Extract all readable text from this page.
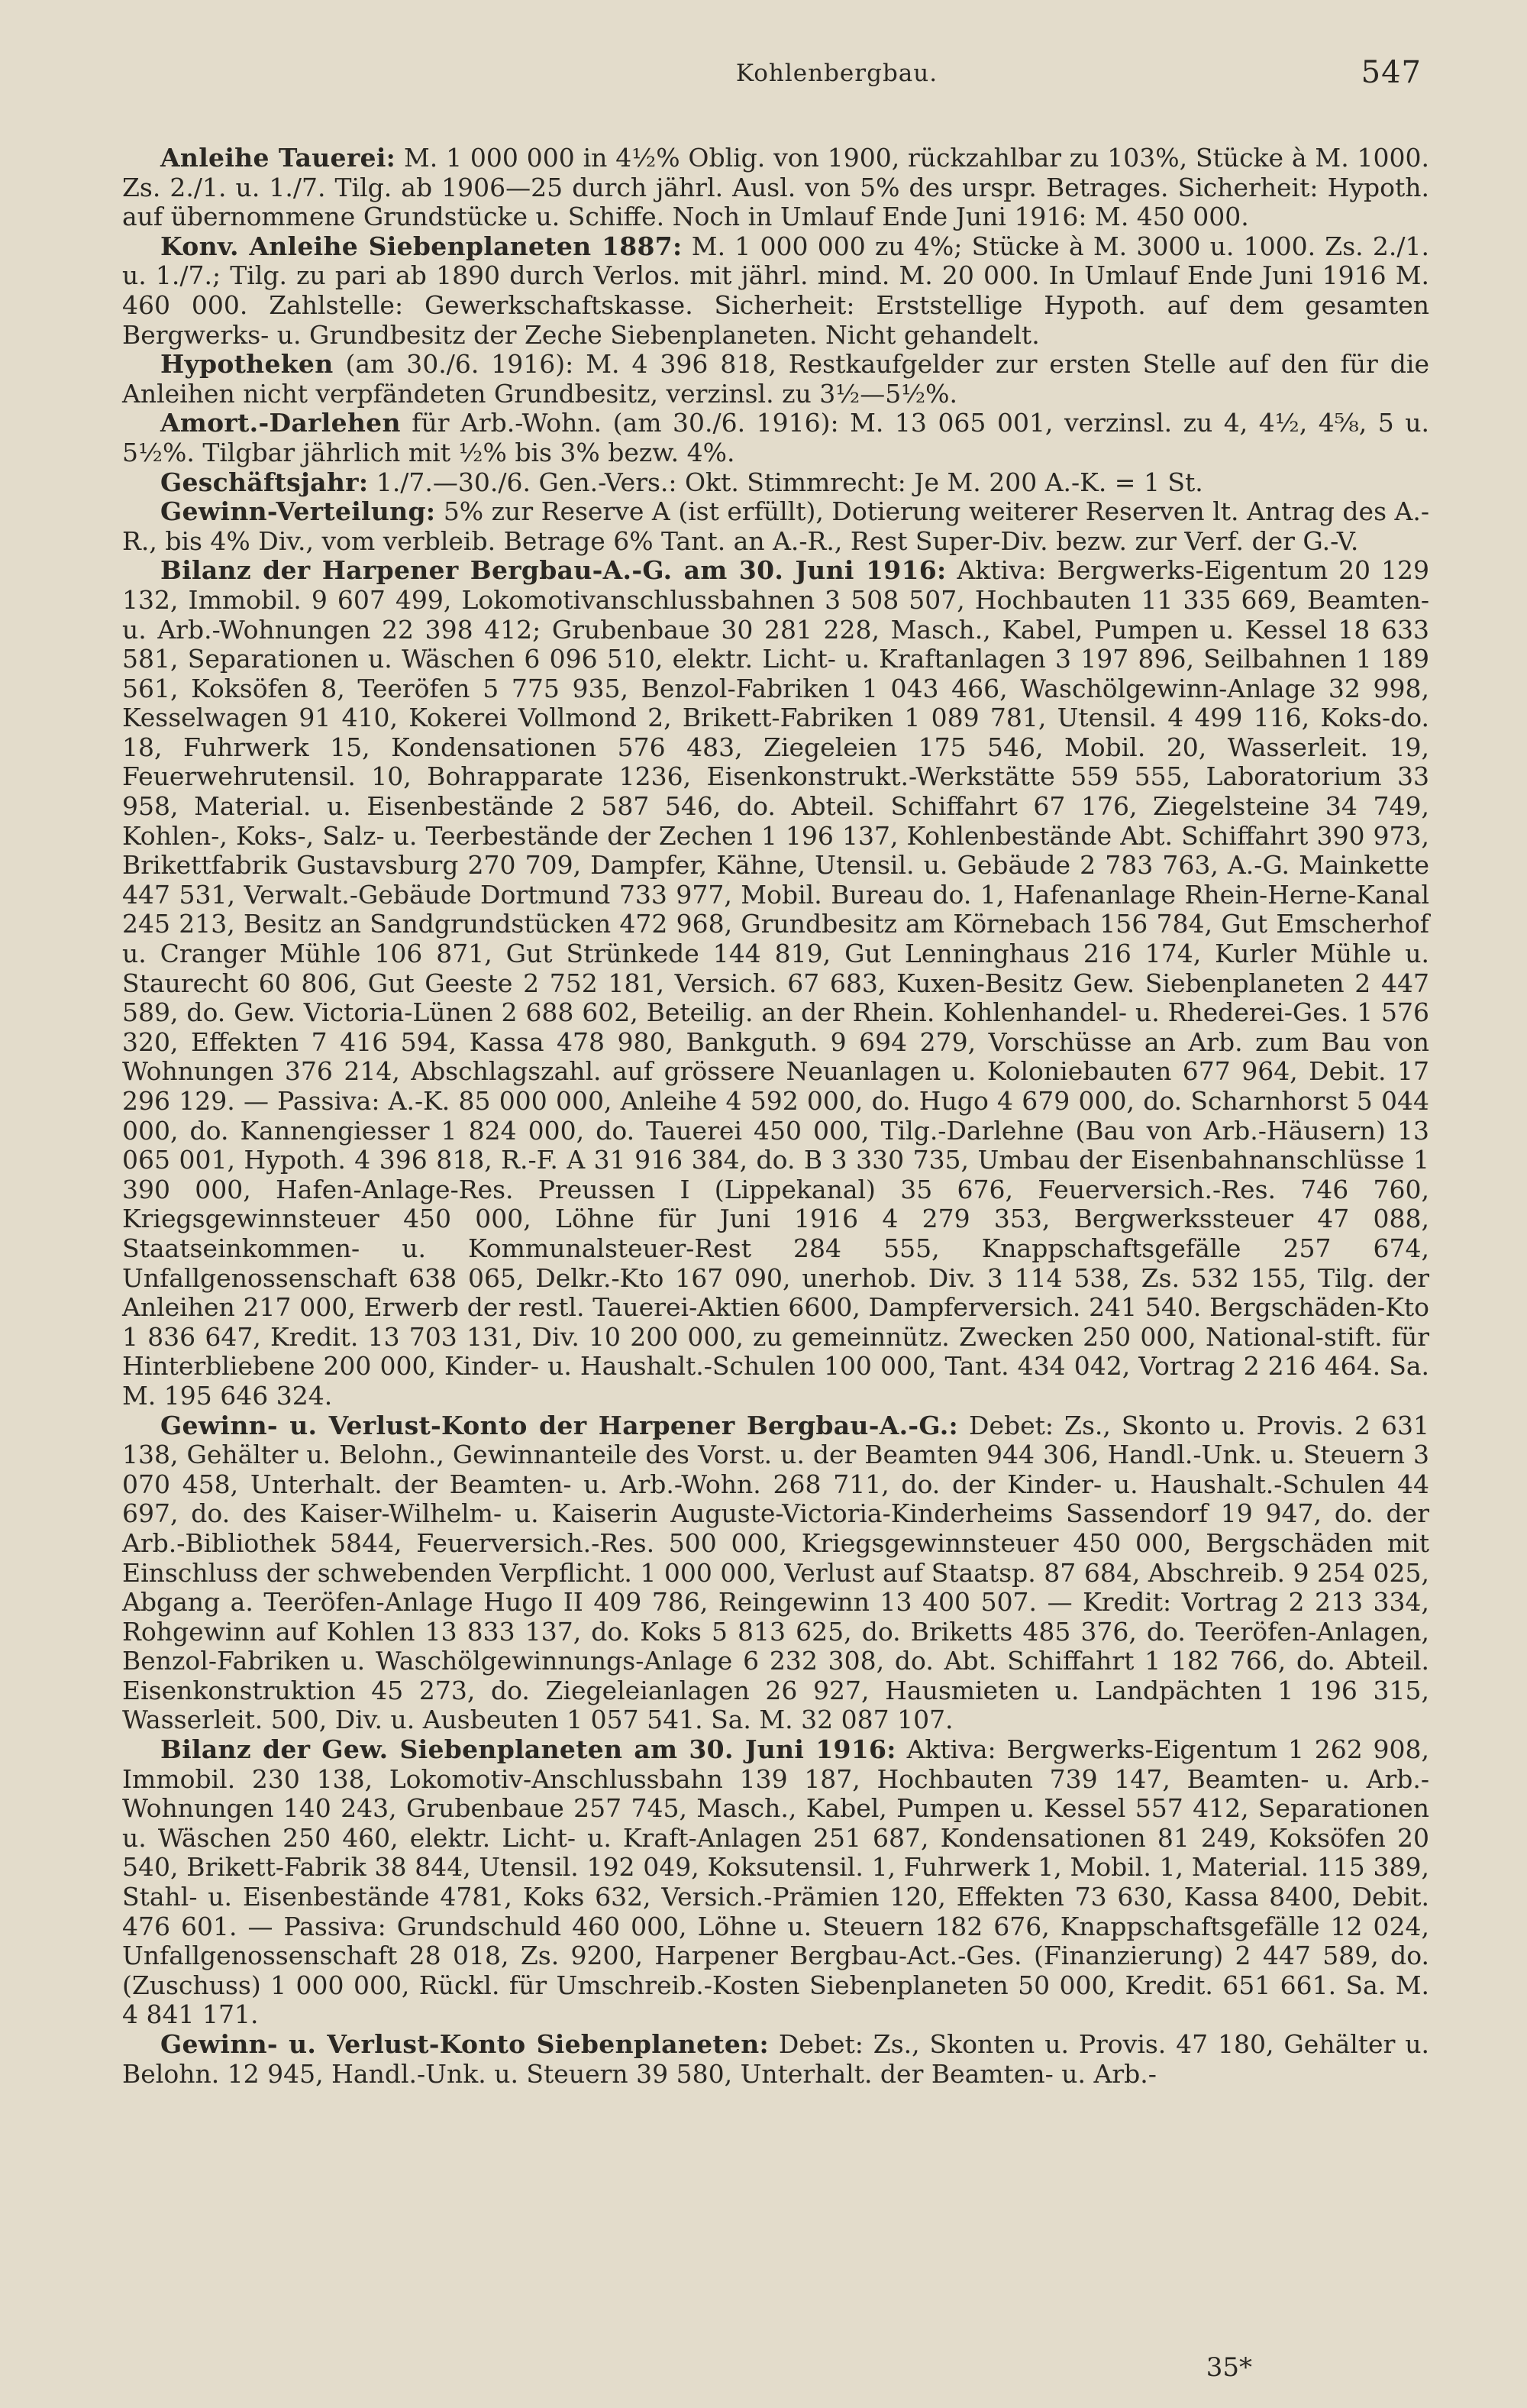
Kohlenbergbau.	547

Anleihe Tauerei: M. 1 000 000 in 4½% Oblig. von 1900, rückzahlbar zu 103%, Stücke à M. 1000. Zs. 2./1. u. 1./7. Tilg. ab 1906—25 durch jährl. Ausl. von 5% des urspr. Betrages. Sicherheit: Hypoth. auf übernommene Grundstücke u. Schiffe. Noch in Umlauf Ende Juni 1916: M. 450 000.

Konv. Anleihe Siebenplaneten 1887: M. 1 000 000 zu 4%; Stücke à M. 3000 u. 1000. Zs. 2./1. u. 1./7.; Tilg. zu pari ab 1890 durch Verlos. mit jährl. mind. M. 20 000. In Umlauf Ende Juni 1916 M. 460 000. Zahlstelle: Gewerkschaftskasse. Sicherheit: Erststellige Hypoth. auf dem gesamten Bergwerks- u. Grundbesitz der Zeche Siebenplaneten. Nicht gehandelt.

Hypotheken (am 30./6. 1916): M. 4 396 818, Restkaufgelder zur ersten Stelle auf den für die Anleihen nicht verpfändeten Grundbesitz, verzinsl. zu 3½—5½%.

Amort.-Darlehen für Arb.-Wohn. (am 30./6. 1916): M. 13 065 001, verzinsl. zu 4, 4½, 4⅝, 5 u. 5½%. Tilgbar jährlich mit ½% bis 3% bezw. 4%.

Geschäftsjahr: 1./7.—30./6. Gen.-Vers.: Okt. Stimmrecht: Je M. 200 A.-K. = 1 St.

Gewinn-Verteilung: 5% zur Reserve A (ist erfüllt), Dotierung weiterer Reserven lt. Antrag des A.-R., bis 4% Div., vom verbleib. Betrage 6% Tant. an A.-R., Rest Super-Div. bezw. zur Verf. der G.-V.

Bilanz der Harpener Bergbau-A.-G. am 30. Juni 1916: Aktiva: Bergwerks-Eigentum 20 129 132, Immobil. 9 607 499, Lokomotivanschlussbahnen 3 508 507, Hochbauten 11 335 669, Beamten- u. Arb.-Wohnungen 22 398 412; Grubenbaue 30 281 228, Masch., Kabel, Pumpen u. Kessel 18 633 581, Separationen u. Wäschen 6 096 510, elektr. Licht- u. Kraftanlagen 3 197 896, Seilbahnen 1 189 561, Koksöfen 8, Teeröfen 5 775 935, Benzol-Fabriken 1 043 466, Waschölgewinn-Anlage 32 998, Kesselwagen 91 410, Kokerei Vollmond 2, Brikett-Fabriken 1 089 781, Utensil. 4 499 116, Koks-do. 18, Fuhrwerk 15, Kondensationen 576 483, Ziegeleien 175 546, Mobil. 20, Wasserleit. 19, Feuerwehrutensil. 10, Bohrapparate 1236, Eisenkonstrukt.-Werkstätte 559 555, Laboratorium 33 958, Material. u. Eisenbestände 2 587 546, do. Abteil. Schiffahrt 67 176, Ziegelsteine 34 749, Kohlen-, Koks-, Salz- u. Teerbestände der Zechen 1 196 137, Kohlenbestände Abt. Schiffahrt 390 973, Brikettfabrik Gustavsburg 270 709, Dampfer, Kähne, Utensil. u. Gebäude 2 783 763, A.-G. Mainkette 447 531, Verwalt.-Gebäude Dortmund 733 977, Mobil. Bureau do. 1, Hafenanlage Rhein-Herne-Kanal 245 213, Besitz an Sandgrundstücken 472 968, Grundbesitz am Körnebach 156 784, Gut Emscherhof u. Cranger Mühle 106 871, Gut Strünkede 144 819, Gut Lenninghaus 216 174, Kurler Mühle u. Staurecht 60 806, Gut Geeste 2 752 181, Versich. 67 683, Kuxen-Besitz Gew. Siebenplaneten 2 447 589, do. Gew. Victoria-Lünen 2 688 602, Beteilig. an der Rhein. Kohlenhandel- u. Rhederei-Ges. 1 576 320, Effekten 7 416 594, Kassa 478 980, Bankguth. 9 694 279, Vorschüsse an Arb. zum Bau von Wohnungen 376 214, Abschlagszahl. auf grössere Neuanlagen u. Koloniebauten 677 964, Debit. 17 296 129. — Passiva: A.-K. 85 000 000, Anleihe 4 592 000, do. Hugo 4 679 000, do. Scharnhorst 5 044 000, do. Kannengiesser 1 824 000, do. Tauerei 450 000, Tilg.-Darlehne (Bau von Arb.-Häusern) 13 065 001, Hypoth. 4 396 818, R.-F. A 31 916 384, do. B 3 330 735, Umbau der Eisenbahnanschlüsse 1 390 000, Hafen-Anlage-Res. Preussen I (Lippekanal) 35 676, Feuerversich.-Res. 746 760, Kriegsgewinnsteuer 450 000, Löhne für Juni 1916 4 279 353, Bergwerkssteuer 47 088, Staatseinkommen- u. Kommunalsteuer-Rest 284 555, Knappschaftsgefälle 257 674, Unfallgenossenschaft 638 065, Delkr.-Kto 167 090, unerhob. Div. 3 114 538, Zs. 532 155, Tilg. der Anleihen 217 000, Erwerb der restl. Tauerei-Aktien 6600, Dampferversich. 241 540. Bergschäden-Kto 1 836 647, Kredit. 13 703 131, Div. 10 200 000, zu gemeinnütz. Zwecken 250 000, National-stift. für Hinterbliebene 200 000, Kinder- u. Haushalt.-Schulen 100 000, Tant. 434 042, Vortrag 2 216 464. Sa. M. 195 646 324.

Gewinn- u. Verlust-Konto der Harpener Bergbau-A.-G.: Debet: Zs., Skonto u. Provis. 2 631 138, Gehälter u. Belohn., Gewinnanteile des Vorst. u. der Beamten 944 306, Handl.-Unk. u. Steuern 3 070 458, Unterhalt. der Beamten- u. Arb.-Wohn. 268 711, do. der Kinder- u. Haushalt.-Schulen 44 697, do. des Kaiser-Wilhelm- u. Kaiserin Auguste-Victoria-Kinderheims Sassendorf 19 947, do. der Arb.-Bibliothek 5844, Feuerversich.-Res. 500 000, Kriegsgewinnsteuer 450 000, Bergschäden mit Einschluss der schwebenden Verpflicht. 1 000 000, Verlust auf Staatsp. 87 684, Abschreib. 9 254 025, Abgang a. Teeröfen-Anlage Hugo II 409 786, Reingewinn 13 400 507. — Kredit: Vortrag 2 213 334, Rohgewinn auf Kohlen 13 833 137, do. Koks 5 813 625, do. Briketts 485 376, do. Teeröfen-Anlagen, Benzol-Fabriken u. Waschölgewinnungs-Anlage 6 232 308, do. Abt. Schiffahrt 1 182 766, do. Abteil. Eisenkonstruktion 45 273, do. Ziegeleianlagen 26 927, Hausmieten u. Landpächten 1 196 315, Wasserleit. 500, Div. u. Ausbeuten 1 057 541. Sa. M. 32 087 107.

Bilanz der Gew. Siebenplaneten am 30. Juni 1916: Aktiva: Bergwerks-Eigentum 1 262 908, Immobil. 230 138, Lokomotiv-Anschlussbahn 139 187, Hochbauten 739 147, Beamten- u. Arb.-Wohnungen 140 243, Grubenbaue 257 745, Masch., Kabel, Pumpen u. Kessel 557 412, Separationen u. Wäschen 250 460, elektr. Licht- u. Kraft-Anlagen 251 687, Kondensationen 81 249, Koksöfen 20 540, Brikett-Fabrik 38 844, Utensil. 192 049, Koksutensil. 1, Fuhrwerk 1, Mobil. 1, Material. 115 389, Stahl- u. Eisenbestände 4781, Koks 632, Versich.-Prämien 120, Effekten 73 630, Kassa 8400, Debit. 476 601. — Passiva: Grundschuld 460 000, Löhne u. Steuern 182 676, Knappschaftsgefälle 12 024, Unfallgenossenschaft 28 018, Zs. 9200, Harpener Bergbau-Act.-Ges. (Finanzierung) 2 447 589, do. (Zuschuss) 1 000 000, Rückl. für Umschreib.-Kosten Siebenplaneten 50 000, Kredit. 651 661. Sa. M. 4 841 171.

Gewinn- u. Verlust-Konto Siebenplaneten: Debet: Zs., Skonten u. Provis. 47 180, Gehälter u. Belohn. 12 945, Handl.-Unk. u. Steuern 39 580, Unterhalt. der Beamten- u. Arb.-

35*
